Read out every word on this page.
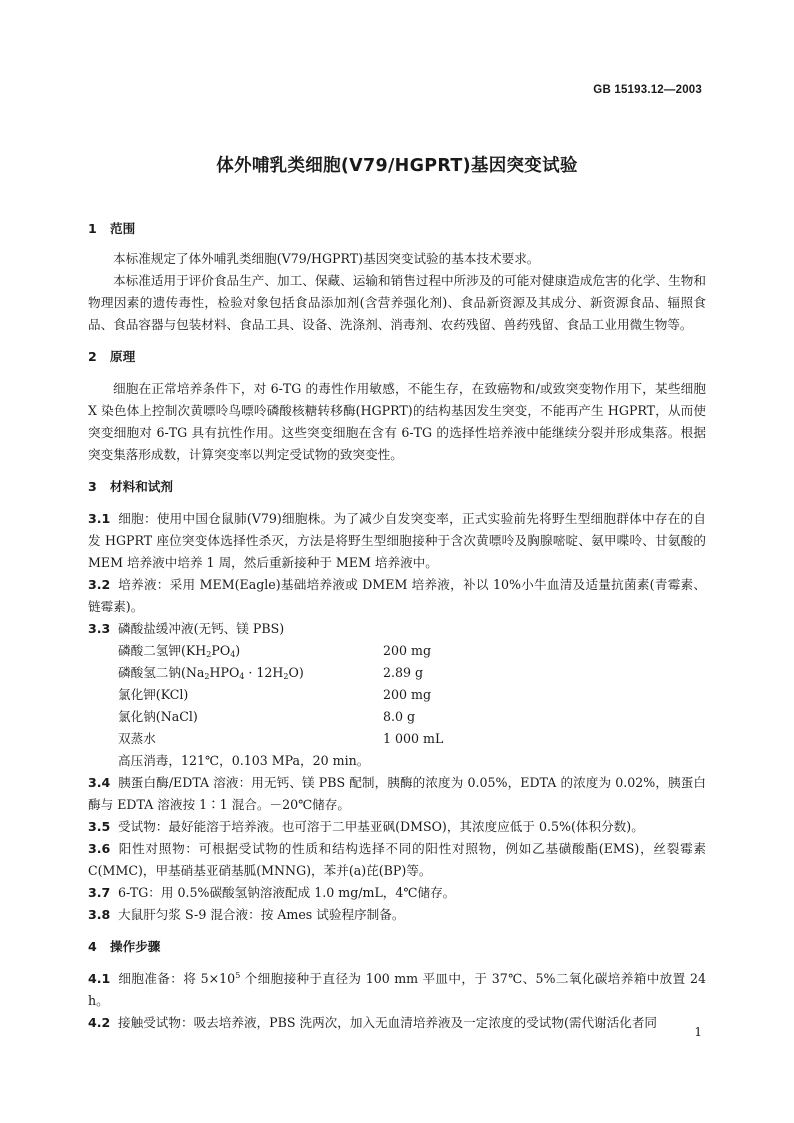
GB 15193.12—2003
体外哺乳类细胞(V79/HGPRT)基因突变试验

1 范围

本标准规定了体外哺乳类细胞(V79/HGPRT)基因突变试验的基本技术要求。

本标准适用于评价食品生产、加工、保藏、运输和销售过程中所涉及的可能对健康造成危害的化学、生物和物理因素的遗传毒性，检验对象包括食品添加剂(含营养强化剂)、食品新资源及其成分、新资源食品、辐照食品、食品容器与包装材料、食品工具、设备、洗涤剂、消毒剂、农药残留、兽药残留、食品工业用微生物等。

2 原理

细胞在正常培养条件下，对 6-TG 的毒性作用敏感，不能生存，在致癌物和/或致突变物作用下，某些细胞 X 染色体上控制次黄嘌呤鸟嘌呤磷酸核糖转移酶(HGPRT)的结构基因发生突变，不能再产生 HGPRT，从而使突变细胞对 6-TG 具有抗性作用。这些突变细胞在含有 6-TG 的选择性培养液中能继续分裂并形成集落。根据突变集落形成数，计算突变率以判定受试物的致突变性。

3 材料和试剂

3.1 细胞：使用中国仓鼠肺(V79)细胞株。为了减少自发突变率，正式实验前先将野生型细胞群体中存在的自发 HGPRT 座位突变体选择性杀灭，方法是将野生型细胞接种于含次黄嘌呤及胸腺嘧啶、氨甲喋呤、甘氨酸的 MEM 培养液中培养 1 周，然后重新接种于 MEM 培养液中。

3.2 培养液：采用 MEM(Eagle)基础培养液或 DMEM 培养液，补以 10%小牛血清及适量抗菌素(青霉素、链霉素)。

3.3 磷酸盐缓冲液(无钙、镁 PBS)

磷酸二氢钾$(KH_2PO_4)$	200 mg

磷酸氢二钠$(Na_2HPO_4 \cdot 12H_2O)$	2.89 g

氯化钾(KCl)	200 mg

氯化钠(NaCl)	8.0 g

双蒸水	1 000 mL

高压消毒，121℃，0.103 MPa，20 min。

3.4 胰蛋白酶/EDTA 溶液：用无钙、镁 PBS 配制，胰酶的浓度为 0.05%，EDTA 的浓度为 0.02%，胰蛋白酶与 EDTA 溶液按 1∶1 混合。－20℃储存。

3.5 受试物：最好能溶于培养液。也可溶于二甲基亚砜(DMSO)，其浓度应低于 0.5%(体积分数)。

3.6 阳性对照物：可根据受试物的性质和结构选择不同的阳性对照物，例如乙基磺酸酯(EMS)，丝裂霉素 C(MMC)，甲基硝基亚硝基胍(MNNG)，苯并(a)芘(BP)等。

3.7 6-TG：用 0.5%碳酸氢钠溶液配成 1.0 mg/mL，4℃储存。

3.8 大鼠肝匀浆 S-9 混合液：按 Ames 试验程序制备。

4 操作步骤

4.1 细胞准备：将 $5\times 10^5$ 个细胞接种于直径为 100 mm 平皿中，于 37℃、5%二氧化碳培养箱中放置 24 h。

4.2 接触受试物：吸去培养液，PBS 洗两次，加入无血清培养液及一定浓度的受试物(需代谢活化者同

1
